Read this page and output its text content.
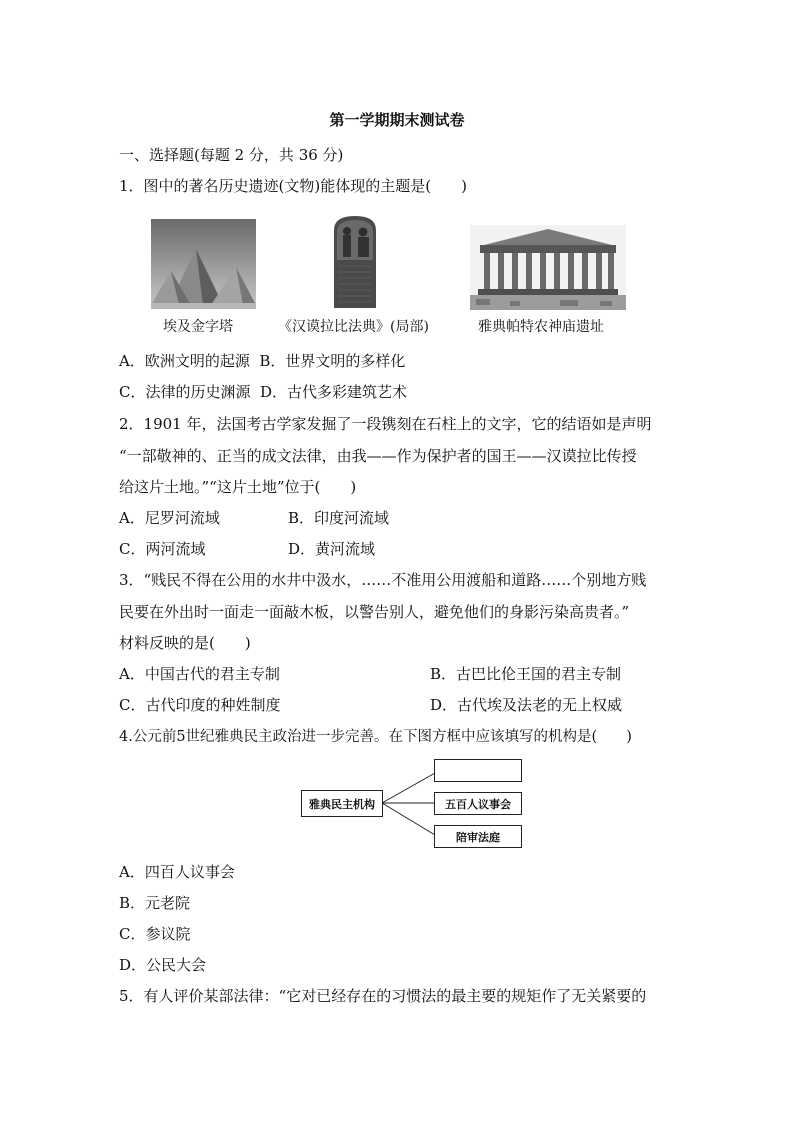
第一学期期末测试卷
一、选择题(每题 2 分，共 36 分)
1．图中的著名历史遗迹(文物)能体现的主题是(　　)
埃及金字塔	《汉谟拉比法典》(局部)	雅典帕特农神庙遗址
A．欧洲文明的起源 B．世界文明的多样化
C．法律的历史渊源 D．古代多彩建筑艺术
2．1901 年，法国考古学家发掘了一段镌刻在石柱上的文字，它的结语如是声明
“一部敬神的、正当的成文法律，由我——作为保护者的国王——汉谟拉比传授
给这片土地。”“这片土地”位于(　　)
A．尼罗河流域	B．印度河流域
C．两河流域	D．黄河流域
3．“贱民不得在公用的水井中汲水，……不准用公用渡船和道路……个别地方贱
民要在外出时一面走一面敲木板，以警告别人，避免他们的身影污染高贵者。”
材料反映的是(　　)
A．中国古代的君主专制	B．古巴比伦王国的君主专制
C．古代印度的种姓制度	D．古代埃及法老的无上权威
4.公元前5世纪雅典民主政治进一步完善。在下图方框中应该填写的机构是(　　)
雅典民主机构	五百人议事会
陪审法庭
A．四百人议事会
B．元老院
C．参议院
D．公民大会
5．有人评价某部法律：“它对已经存在的习惯法的最主要的规矩作了无关紧要的
